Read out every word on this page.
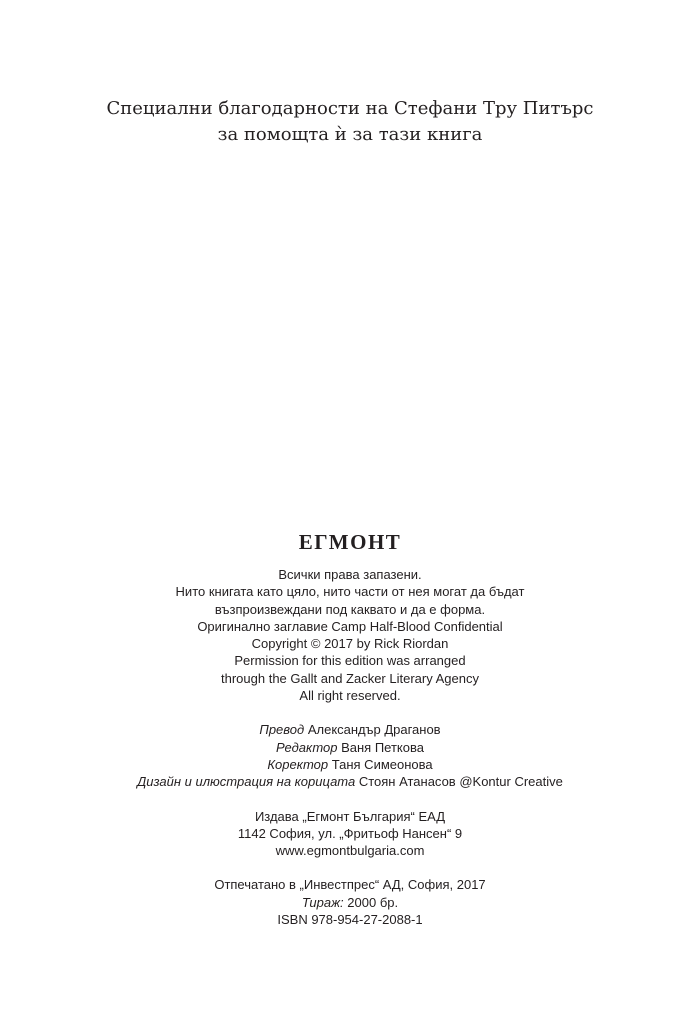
Специални благодарности на Стефани Тру Питърс
за помощта ѝ за тази книга
ЕГМОНТ
Всички права запазени.
Нито книгата като цяло, нито части от нея могат да бъдат
възпроизвеждани под каквато и да е форма.
Оригинално заглавие Camp Half-Blood Confidential
Copyright © 2017 by Rick Riordan
Permission for this edition was arranged
through the Gallt and Zacker Literary Agency
All right reserved.
Превод Александър Драганов
Редактор Ваня Петкова
Коректор Таня Симеонова
Дизайн и илюстрация на корицата Стоян Атанасов @Kontur Creative
Издава „Егмонт България“ ЕАД
1142 София, ул. „Фритьоф Нансен“ 9
www.egmontbulgaria.com
Отпечатано в „Инвестпрес“ АД, София, 2017
Тираж: 2000 бр.
ISBN 978-954-27-2088-1
